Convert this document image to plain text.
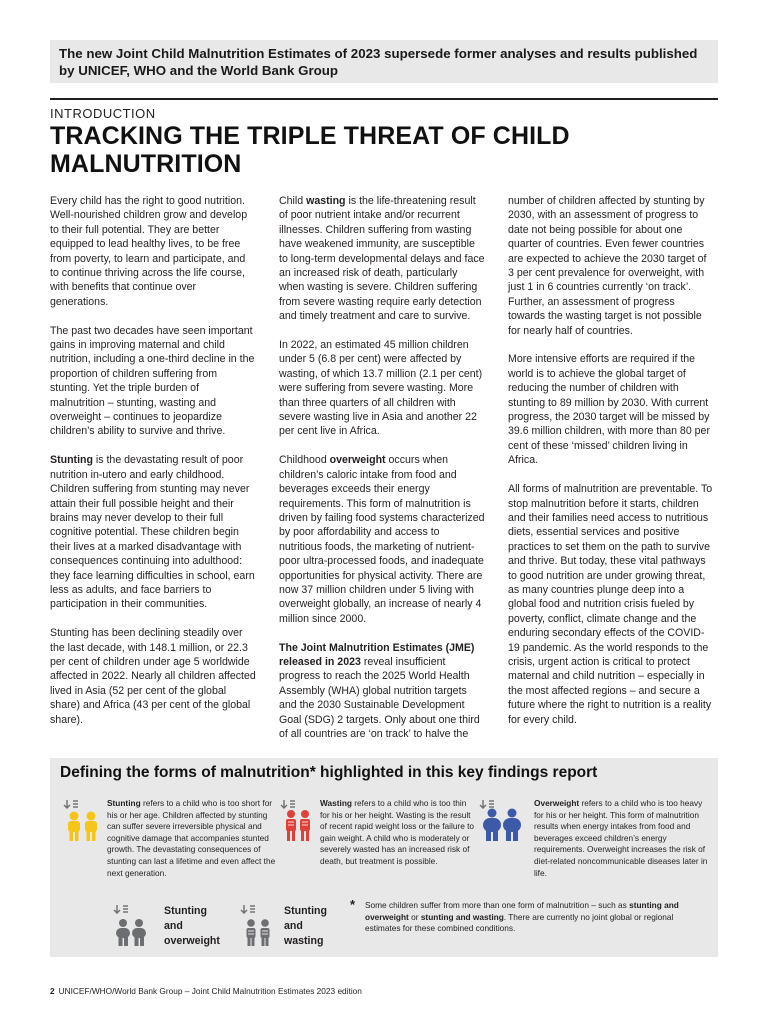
The new Joint Child Malnutrition Estimates of 2023 supersede former analyses and results published by UNICEF, WHO and the World Bank Group
INTRODUCTION
TRACKING THE TRIPLE THREAT OF CHILD MALNUTRITION

Every child has the right to good nutrition. Well-nourished children grow and develop to their full potential. They are better equipped to lead healthy lives, to be free from poverty, to learn and participate, and to continue thriving across the life course, with benefits that continue over generations.

The past two decades have seen important gains in improving maternal and child nutrition, including a one-third decline in the proportion of children suffering from stunting. Yet the triple burden of malnutrition – stunting, wasting and overweight – continues to jeopardize children’s ability to survive and thrive.

Stunting is the devastating result of poor nutrition in-utero and early childhood. Children suffering from stunting may never attain their full possible height and their brains may never develop to their full cognitive potential. These children begin their lives at a marked disadvantage with consequences continuing into adulthood: they face learning difficulties in school, earn less as adults, and face barriers to participation in their communities.

Stunting has been declining steadily over the last decade, with 148.1 million, or 22.3 per cent of children under age 5 worldwide affected in 2022. Nearly all children affected lived in Asia (52 per cent of the global share) and Africa (43 per cent of the global share).

Child wasting is the life-threatening result of poor nutrient intake and/or recurrent illnesses. Children suffering from wasting have weakened immunity, are susceptible to long-term developmental delays and face an increased risk of death, particularly when wasting is severe. Children suffering from severe wasting require early detection and timely treatment and care to survive.

In 2022, an estimated 45 million children under 5 (6.8 per cent) were affected by wasting, of which 13.7 million (2.1 per cent) were suffering from severe wasting. More than three quarters of all children with severe wasting live in Asia and another 22 per cent live in Africa.

Childhood overweight occurs when children’s caloric intake from food and beverages exceeds their energy requirements. This form of malnutrition is driven by failing food systems characterized by poor affordability and access to nutritious foods, the marketing of nutrient-poor ultra-processed foods, and inadequate opportunities for physical activity. There are now 37 million children under 5 living with overweight globally, an increase of nearly 4 million since 2000.

The Joint Malnutrition Estimates (JME) released in 2023 reveal insufficient progress to reach the 2025 World Health Assembly (WHA) global nutrition targets and the 2030 Sustainable Development Goal (SDG) 2 targets. Only about one third of all countries are ‘on track’ to halve the

number of children affected by stunting by 2030, with an assessment of progress to date not being possible for about one quarter of countries. Even fewer countries are expected to achieve the 2030 target of 3 per cent prevalence for overweight, with just 1 in 6 countries currently ‘on track’. Further, an assessment of progress towards the wasting target is not possible for nearly half of countries.

More intensive efforts are required if the world is to achieve the global target of reducing the number of children with stunting to 89 million by 2030. With current progress, the 2030 target will be missed by 39.6 million children, with more than 80 per cent of these ‘missed’ children living in Africa.

All forms of malnutrition are preventable. To stop malnutrition before it starts, children and their families need access to nutritious diets, essential services and positive practices to set them on the path to survive and thrive. But today, these vital pathways to good nutrition are under growing threat, as many countries plunge deep into a global food and nutrition crisis fueled by poverty, conflict, climate change and the enduring secondary effects of the COVID-19 pandemic. As the world responds to the crisis, urgent action is critical to protect maternal and child nutrition – especially in the most affected regions – and secure a future where the right to nutrition is a reality for every child.

Defining the forms of malnutrition* highlighted in this key findings report
Stunting refers to a child who is too short for his or her age. Children affected by stunting can suffer severe irreversible physical and cognitive damage that accompanies stunted growth. The devastating consequences of stunting can last a lifetime and even affect the next generation.
Wasting refers to a child who is too thin for his or her height. Wasting is the result of recent rapid weight loss or the failure to gain weight. A child who is moderately or severely wasted has an increased risk of death, but treatment is possible.
Overweight refers to a child who is too heavy for his or her height. This form of malnutrition results when energy intakes from food and beverages exceed children’s energy requirements. Overweight increases the risk of diet-related noncommunicable diseases later in life.
Stunting
and
overweight
Stunting
and
wasting
* Some children suffer from more than one form of malnutrition – such as stunting and overweight or stunting and wasting. There are currently no joint global or regional estimates for these combined conditions.
2 UNICEF/WHO/World Bank Group – Joint Child Malnutrition Estimates 2023 edition
